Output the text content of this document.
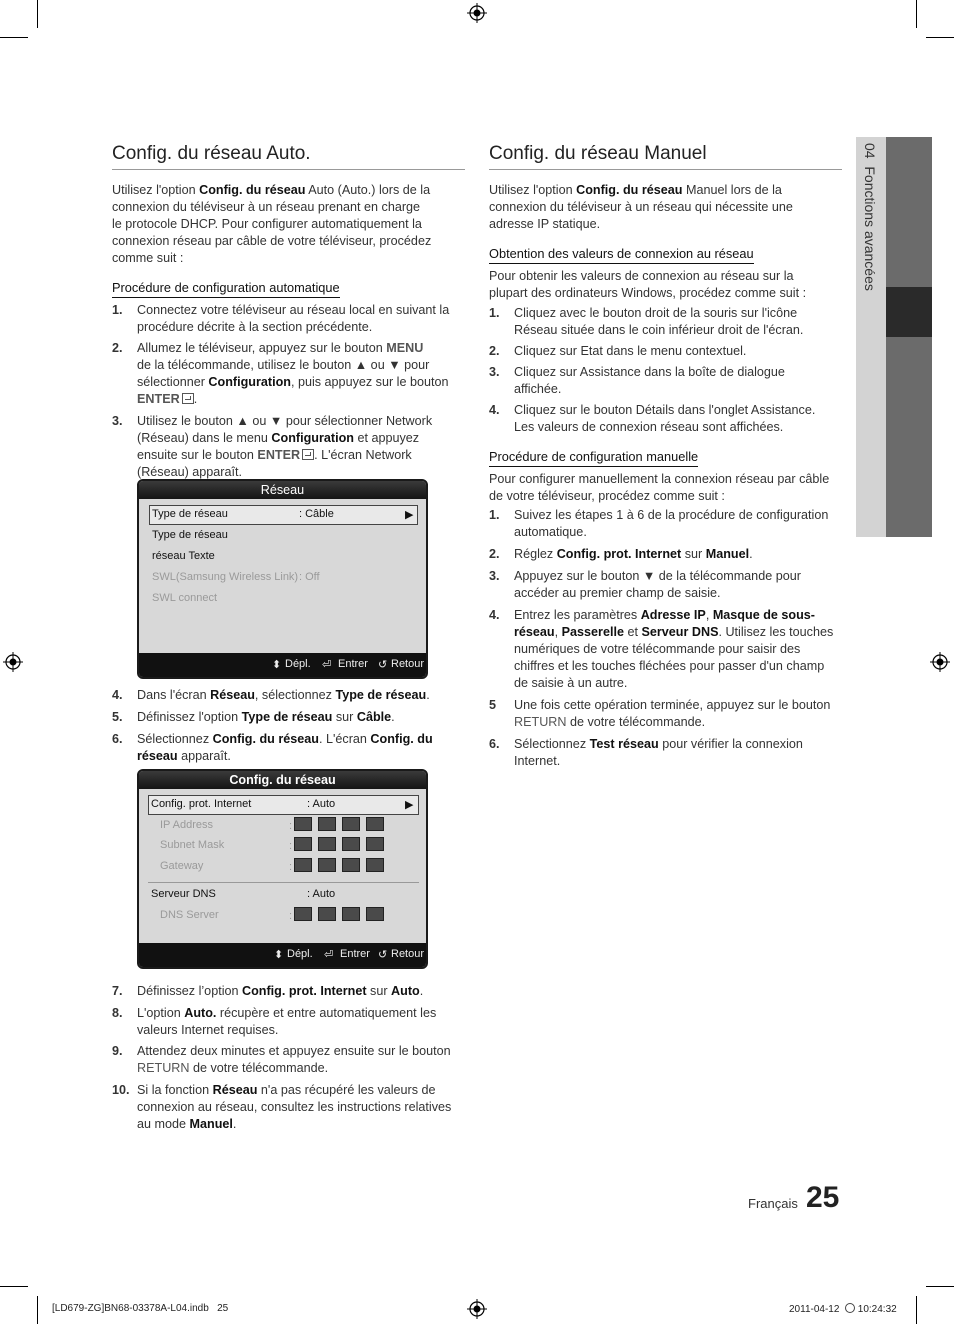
04  Fonctions avancées
Config. du réseau Auto.

Utilisez l'option Config. du réseau Auto (Auto.) lors de la
connexion du téléviseur à un réseau prenant en charge
le protocole DHCP. Pour configurer automatiquement la
connexion réseau par câble de votre téléviseur, procédez
comme suit :

Procédure de configuration automatique

1. Connectez votre téléviseur au réseau local en suivant la
procédure décrite à la section précédente.

2. Allumez le téléviseur, appuyez sur le bouton MENU
de la télécommande, utilisez le bouton ▲ ou ▼ pour
sélectionner Configuration, puis appuyez sur le bouton
ENTER .

3. Utilisez le bouton ▲ ou ▼ pour sélectionner Network
(Réseau) dans le menu Configuration et appuyez
ensuite sur le bouton ENTER . L'écran Network
(Réseau) apparaît.

Réseau
Type de réseau	: Câble	▶
Type de réseau
réseau Texte
SWL(Samsung Wireless Link) : Off
SWL connect
⬍ Dépl. ⏎ Entrer ↺ Retour

4. Dans l'écran Réseau, sélectionnez Type de réseau.

5. Définissez l'option Type de réseau sur Câble.

6. Sélectionnez Config. du réseau. L'écran Config. du
réseau apparaît.

Config. du réseau
Config. prot. Internet	: Auto	▶
IP Address	:
Subnet Mask	:
Gateway	:
Serveur DNS	: Auto
DNS Server	:
⬍ Dépl. ⏎ Entrer ↺ Retour

7. Définissez l’option Config. prot. Internet sur Auto.

8. L'option Auto. récupère et entre automatiquement les
valeurs Internet requises.

9. Attendez deux minutes et appuyez ensuite sur le bouton
RETURN de votre télécommande.

10. Si la fonction Réseau n'a pas récupéré les valeurs de
connexion au réseau, consultez les instructions relatives
au mode Manuel.

Config. du réseau Manuel

Utilisez l'option Config. du réseau Manuel lors de la
connexion du téléviseur à un réseau qui nécessite une
adresse IP statique.

Obtention des valeurs de connexion au réseau

Pour obtenir les valeurs de connexion au réseau sur la
plupart des ordinateurs Windows, procédez comme suit :

1. Cliquez avec le bouton droit de la souris sur l'icône
Réseau située dans le coin inférieur droit de l'écran.

2. Cliquez sur Etat dans le menu contextuel.

3. Cliquez sur Assistance dans la boîte de dialogue
affichée.

4. Cliquez sur le bouton Détails dans l'onglet Assistance.
Les valeurs de connexion réseau sont affichées.

Procédure de configuration manuelle

Pour configurer manuellement la connexion réseau par câble
de votre téléviseur, procédez comme suit :

1. Suivez les étapes 1 à 6 de la procédure de configuration
automatique.

2. Réglez Config. prot. Internet sur Manuel.

3. Appuyez sur le bouton ▼ de la télécommande pour
accéder au premier champ de saisie.

4. Entrez les paramètres Adresse IP, Masque de sous-
réseau, Passerelle et Serveur DNS. Utilisez les touches
numériques de votre télécommande pour saisir des
chiffres et les touches fléchées pour passer d'un champ
de saisie à un autre.

5 Une fois cette opération terminée, appuyez sur le bouton
RETURN de votre télécommande.

6. Sélectionnez Test réseau pour vérifier la connexion
Internet.

Français 25
[LD679-ZG]BN68-03378A-L04.indb   25	2011-04-12 10:24:32
